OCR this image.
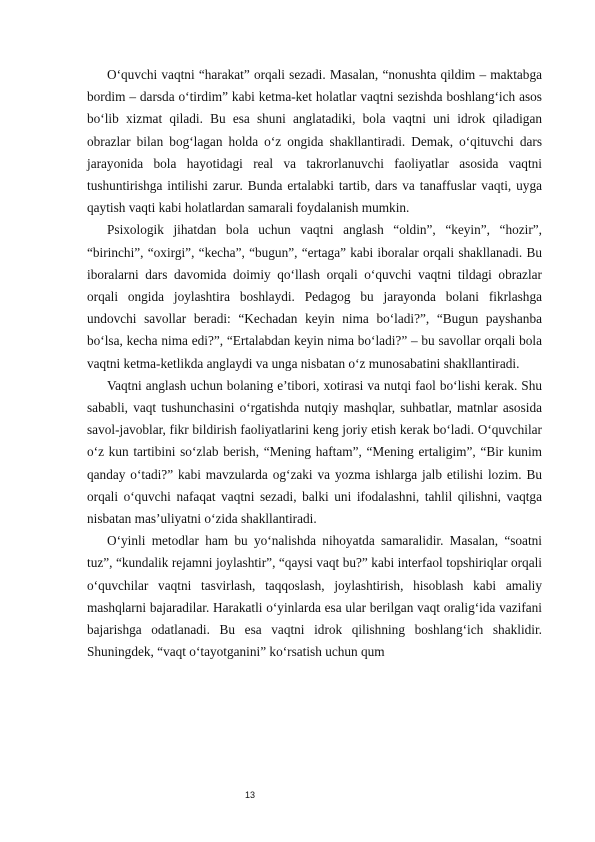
O‘quvchi vaqtni “harakat” orqali sezadi. Masalan, “nonushta qildim – maktabga bordim – darsda o‘tirdim” kabi ketma-ket holatlar vaqtni sezishda boshlang‘ich asos bo‘lib xizmat qiladi. Bu esa shuni anglatadiki, bola vaqtni uni idrok qiladigan obrazlar bilan bog‘lagan holda o‘z ongida shakllantiradi. Demak, o‘qituvchi dars jarayonida bola hayotidagi real va takrorlanuvchi faoliyatlar asosida vaqtni tushuntirishga intilishi zarur. Bunda ertalabki tartib, dars va tanaffuslar vaqti, uyga qaytish vaqti kabi holatlardan samarali foydalanish mumkin.

Psixologik jihatdan bola uchun vaqtni anglash “oldin”, “keyin”, “hozir”, “birinchi”, “oxirgi”, “kecha”, “bugun”, “ertaga” kabi iboralar orqali shakllanadi. Bu iboralarni dars davomida doimiy qo‘llash orqali o‘quvchi vaqtni tildagi obrazlar orqali ongida joylashtira boshlaydi. Pedagog bu jarayonda bolani fikrlashga undovchi savollar beradi: “Kechadan keyin nima bo‘ladi?”, “Bugun payshanba bo‘lsa, kecha nima edi?”, “Ertalabdan keyin nima bo‘ladi?” – bu savollar orqali bola vaqtni ketma-ketlikda anglaydi va unga nisbatan o‘z munosabatini shakllantiradi.

Vaqtni anglash uchun bolaning e’tibori, xotirasi va nutqi faol bo‘lishi kerak. Shu sababli, vaqt tushunchasini o‘rgatishda nutqiy mashqlar, suhbatlar, matnlar asosida savol-javoblar, fikr bildirish faoliyatlarini keng joriy etish kerak bo‘ladi. O‘quvchilar o‘z kun tartibini so‘zlab berish, “Mening haftam”, “Mening ertaligim”, “Bir kunim qanday o‘tadi?” kabi mavzularda og‘zaki va yozma ishlarga jalb etilishi lozim. Bu orqali o‘quvchi nafaqat vaqtni sezadi, balki uni ifodalashni, tahlil qilishni, vaqtga nisbatan mas’uliyatni o‘zida shakllantiradi.

O‘yinli metodlar ham bu yo‘nalishda nihoyatda samaralidir. Masalan, “soatni tuz”, “kundalik rejamni joylashtir”, “qaysi vaqt bu?” kabi interfaol topshiriqlar orqali o‘quvchilar vaqtni tasvirlash, taqqoslash, joylashtirish, hisoblash kabi amaliy mashqlarni bajaradilar. Harakatli o‘yinlarda esa ular berilgan vaqt oralig‘ida vazifani bajarishga odatlanadi. Bu esa vaqtni idrok qilishning boshlang‘ich shaklidir. Shuningdek, “vaqt o‘tayotganini” ko‘rsatish uchun qum

13
